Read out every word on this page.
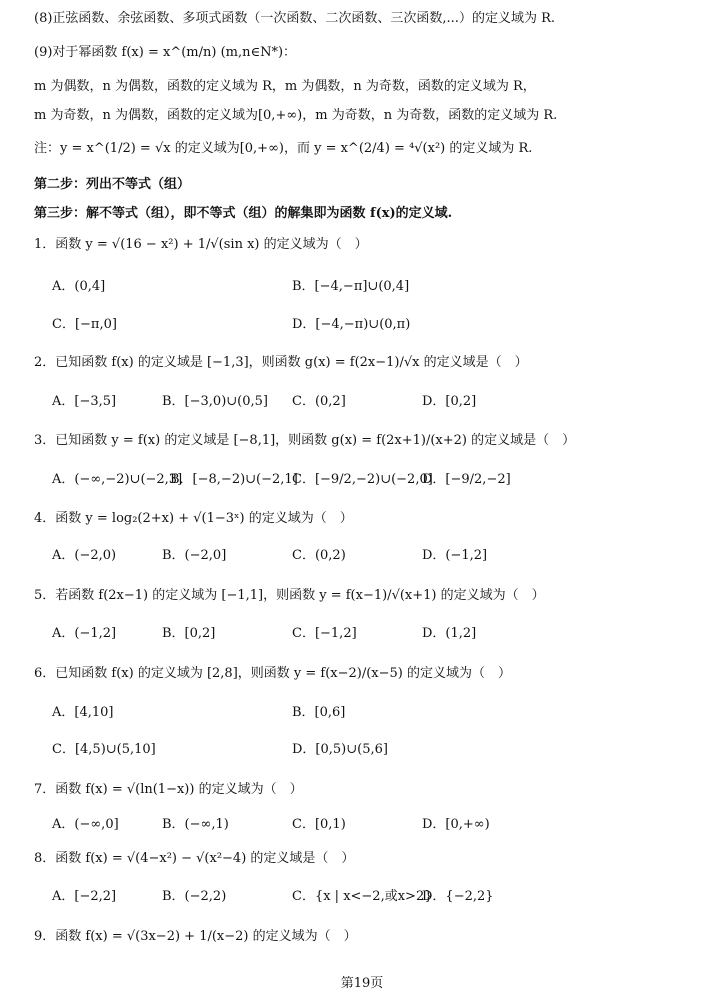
(8)正弦函数、余弦函数、多项式函数（一次函数、二次函数、三次函数,...）的定义域为 R.
(9)对于幂函数 f(x) = x^(m/n) (m,n∈N*)：
m 为偶数，n 为偶数，函数的定义域为 R，m 为偶数，n 为奇数，函数的定义域为 R，
m 为奇数，n 为偶数，函数的定义域为[0,+∞)，m 为奇数，n 为奇数，函数的定义域为 R.
注：y = x^(1/2) = √x 的定义域为[0,+∞)，而 y = x^(2/4) = ⁴√(x²) 的定义域为 R.
第二步：列出不等式（组）
第三步：解不等式（组），即不等式（组）的解集即为函数 f(x)的定义域.
1．函数 y = √(16 − x²) + 1/√(sin x) 的定义域为（　）
A．(0,4]	B．[−4,−π]∪(0,4]
C．[−π,0]	D．[−4,−π)∪(0,π)
2．已知函数 f(x) 的定义域是 [−1,3]，则函数 g(x) = f(2x−1)/√x 的定义域是（　）
A．[−3,5]	B．[−3,0)∪(0,5] C．(0,2]	D．[0,2]
3．已知函数 y = f(x) 的定义域是 [−8,1]，则函数 g(x) = f(2x+1)/(x+2) 的定义域是（　）
A．(−∞,−2)∪(−2,3]
B．[−8,−2)∪(−2,1]
C．[−9/2,−2)∪(−2,0]
D．[−9/2,−2]
4．函数 y = log₂(2+x) + √(1−3ˣ) 的定义域为（　）
A．(−2,0)	B．(−2,0]	C．(0,2)	D．(−1,2]
5．若函数 f(2x−1) 的定义域为 [−1,1]，则函数 y = f(x−1)/√(x+1) 的定义域为（　）
A．(−1,2]	B．[0,2]	C．[−1,2]	D．(1,2]
6．已知函数 f(x) 的定义域为 [2,8]，则函数 y = f(x−2)/(x−5) 的定义域为（　）
A．[4,10]	B．[0,6]
C．[4,5)∪(5,10]	D．[0,5)∪(5,6]
7．函数 f(x) = √(ln(1−x)) 的定义域为（　）
A．(−∞,0]	B．(−∞,1)	C．[0,1)	D．[0,+∞)
8．函数 f(x) = √(4−x²) − √(x²−4) 的定义域是（　）
A．[−2,2]	B．(−2,2)	C．{x | x<−2,或x>2}
D．{−2,2}
9．函数 f(x) = √(3x−2) + 1/(x−2) 的定义域为（　）
第19页
